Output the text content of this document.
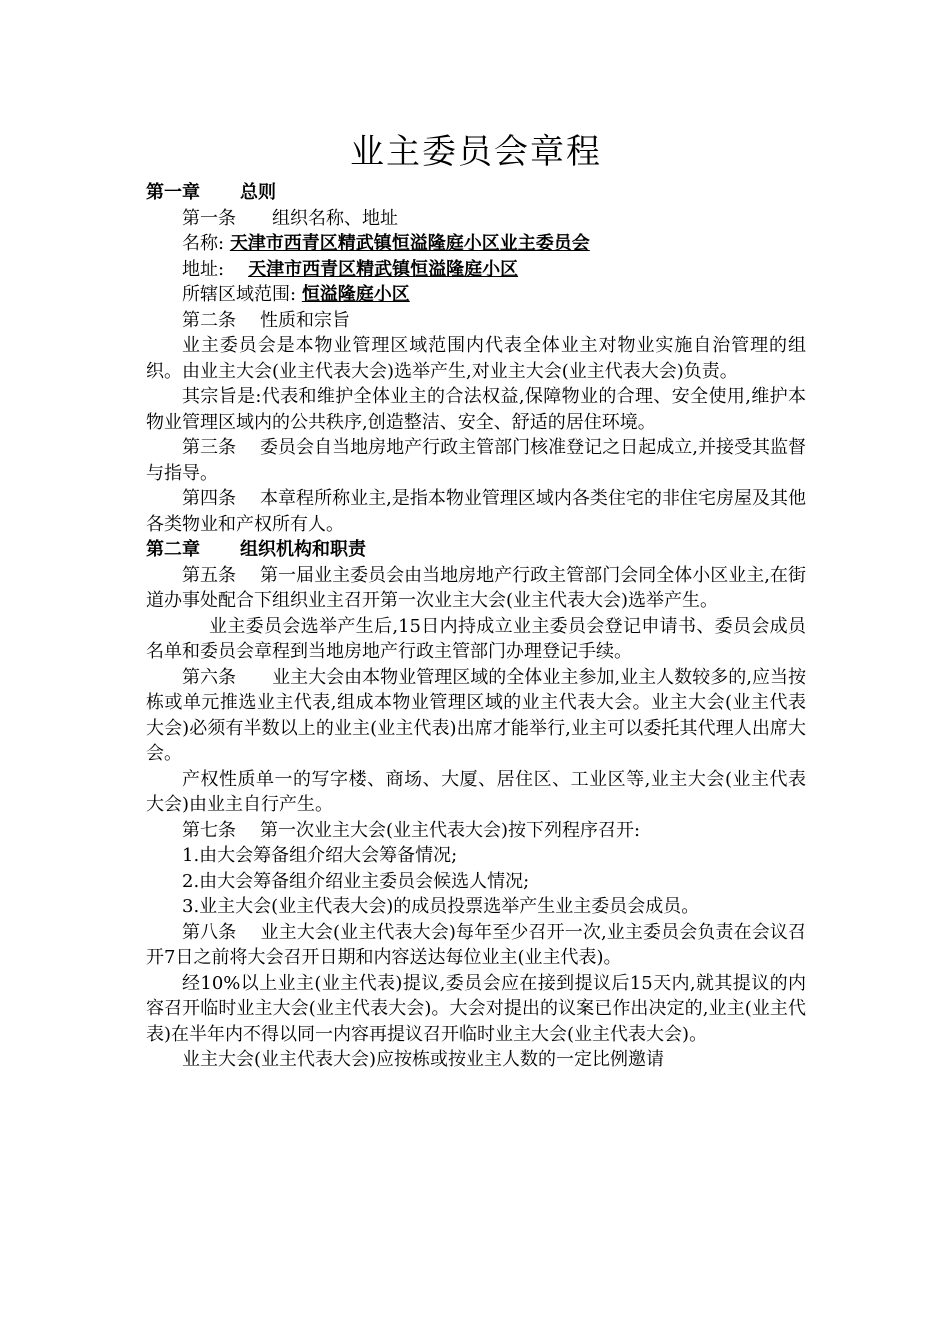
业主委员会章程
第一章 总则

第一条 组织名称、地址

名称: 天津市西青区精武镇恒溢隆庭小区业主委员会

地址: 天津市西青区精武镇恒溢隆庭小区

所辖区域范围: 恒溢隆庭小区

第二条 性质和宗旨

业主委员会是本物业管理区域范围内代表全体业主对物业实施自治管理的组织。由业主大会(业主代表大会)选举产生,对业主大会(业主代表大会)负责。

其宗旨是:代表和维护全体业主的合法权益,保障物业的合理、安全使用,维护本物业管理区域内的公共秩序,创造整洁、安全、舒适的居住环境。

第三条 委员会自当地房地产行政主管部门核准登记之日起成立,并接受其监督与指导。

第四条 本章程所称业主,是指本物业管理区域内各类住宅的非住宅房屋及其他各类物业和产权所有人。

第二章 组织机构和职责

第五条 第一届业主委员会由当地房地产行政主管部门会同全体小区业主,在街道办事处配合下组织业主召开第一次业主大会(业主代表大会)选举产生。

业主委员会选举产生后,15日内持成立业主委员会登记申请书、委员会成员名单和委员会章程到当地房地产行政主管部门办理登记手续。

第六条 业主大会由本物业管理区域的全体业主参加,业主人数较多的,应当按栋或单元推选业主代表,组成本物业管理区域的业主代表大会。业主大会(业主代表大会)必须有半数以上的业主(业主代表)出席才能举行,业主可以委托其代理人出席大会。

产权性质单一的写字楼、商场、大厦、居住区、工业区等,业主大会(业主代表大会)由业主自行产生。

第七条 第一次业主大会(业主代表大会)按下列程序召开:

1.由大会筹备组介绍大会筹备情况;

2.由大会筹备组介绍业主委员会候选人情况;

3.业主大会(业主代表大会)的成员投票选举产生业主委员会成员。

第八条 业主大会(业主代表大会)每年至少召开一次,业主委员会负责在会议召开7日之前将大会召开日期和内容送达每位业主(业主代表)。

经10%以上业主(业主代表)提议,委员会应在接到提议后15天内,就其提议的内容召开临时业主大会(业主代表大会)。大会对提出的议案已作出决定的,业主(业主代表)在半年内不得以同一内容再提议召开临时业主大会(业主代表大会)。

业主大会(业主代表大会)应按栋或按业主人数的一定比例邀请
